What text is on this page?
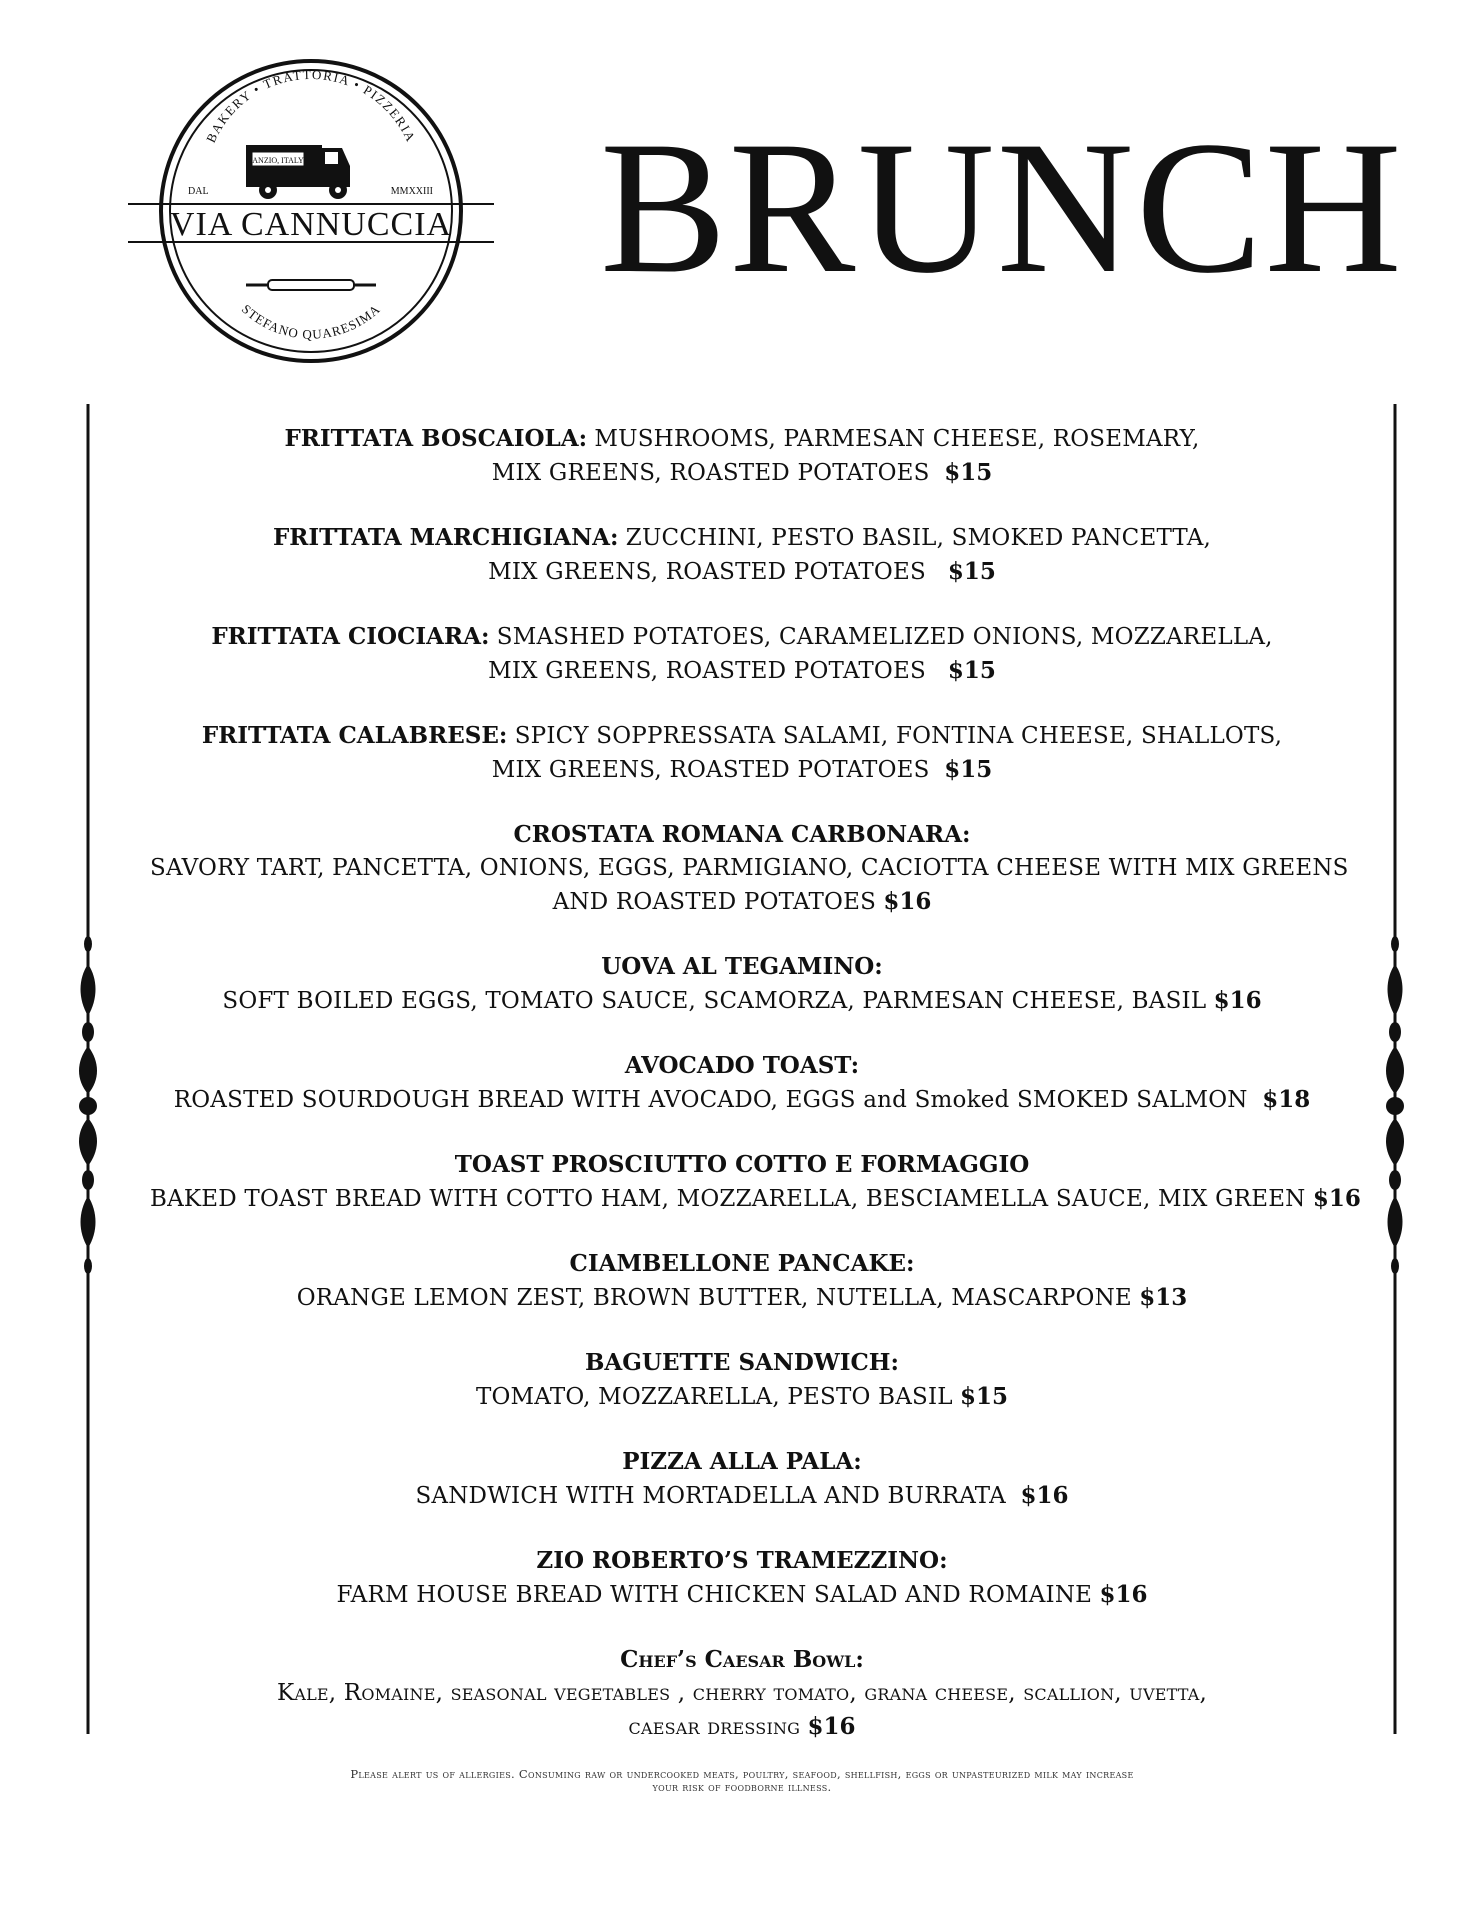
BAKERY • TRATTORIA • PIZZERIA
ANZIO, ITALY
DAL	MMXXIII
VIA CANNUCCIA
STEFANO QUARESIMA BRUNCH
FRITTATA BOSCAIOLA: MUSHROOMS, PARMESAN CHEESE, ROSEMARY,
MIX GREENS, ROASTED POTATOES $15
FRITTATA MARCHIGIANA: ZUCCHINI, PESTO BASIL, SMOKED PANCETTA,
MIX GREENS, ROASTED POTATOES $15
FRITTATA CIOCIARA: SMASHED POTATOES, CARAMELIZED ONIONS, MOZZARELLA,
MIX GREENS, ROASTED POTATOES $15
FRITTATA CALABRESE: SPICY SOPPRESSATA SALAMI, FONTINA CHEESE, SHALLOTS,
MIX GREENS, ROASTED POTATOES $15
CROSTATA ROMANA CARBONARA:
SAVORY TART, PANCETTA, ONIONS, EGGS, PARMIGIANO, CACIOTTA CHEESE WITH MIX GREENS
AND ROASTED POTATOES $16
UOVA AL TEGAMINO:
SOFT BOILED EGGS, TOMATO SAUCE, SCAMORZA, PARMESAN CHEESE, BASIL $16
AVOCADO TOAST:
ROASTED SOURDOUGH BREAD WITH AVOCADO, EGGS and Smoked SMOKED SALMON $18
TOAST PROSCIUTTO COTTO E FORMAGGIO
BAKED TOAST BREAD WITH COTTO HAM, MOZZARELLA, BESCIAMELLA SAUCE, MIX GREEN $16
CIAMBELLONE PANCAKE:
ORANGE LEMON ZEST, BROWN BUTTER, NUTELLA, MASCARPONE $13
BAGUETTE SANDWICH:
TOMATO, MOZZARELLA, PESTO BASIL $15
PIZZA ALLA PALA:
SANDWICH WITH MORTADELLA AND BURRATA $16
ZIO ROBERTO’S TRAMEZZINO:
FARM HOUSE BREAD WITH CHICKEN SALAD AND ROMAINE $16
Chef’s Caesar Bowl:
Kale, Romaine, seasonal vegetables , cherry tomato, grana cheese, scallion, uvetta,
caesar dressing $16
Please alert us of allergies. Consuming raw or undercooked meats, poultry, seafood, shellfish, eggs or unpasteurized milk may increase
your risk of foodborne illness.
